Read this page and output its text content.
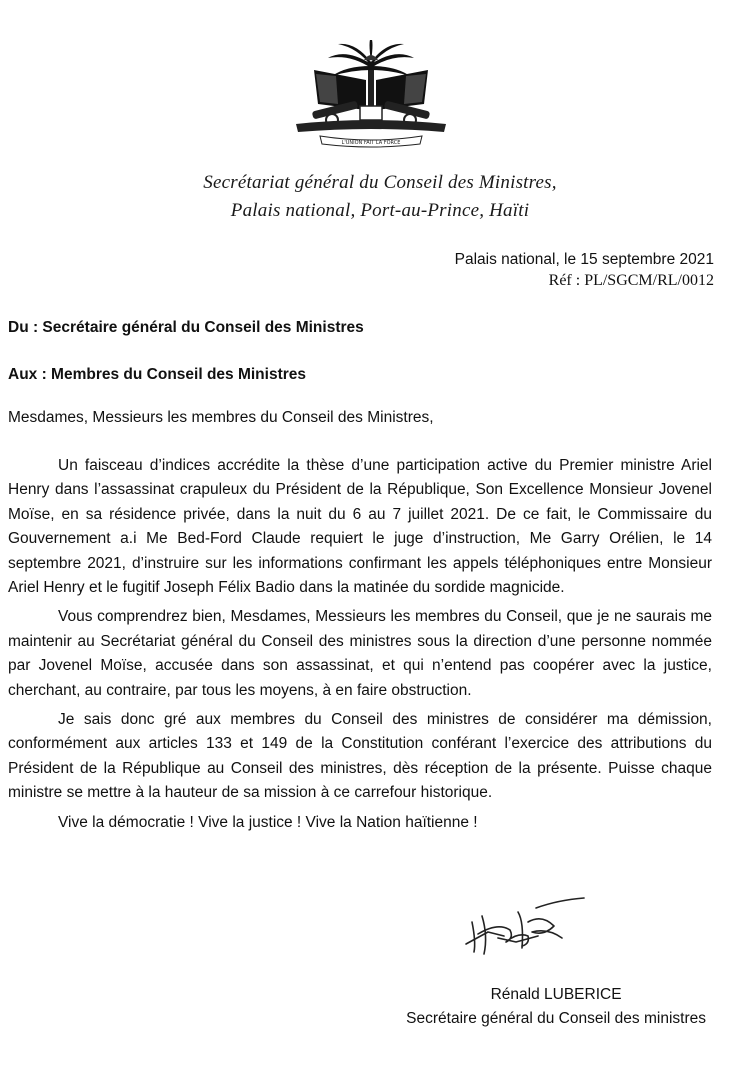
L'UNION FAIT LA FORCE
Secrétariat général du Conseil des Ministres,
Palais national, Port-au-Prince, Haïti
Palais national, le 15 septembre 2021
Réf : PL/SGCM/RL/0012
Du : Secrétaire général du Conseil des Ministres
Aux : Membres du Conseil des Ministres
Mesdames, Messieurs les membres du Conseil des Ministres,

Un faisceau d’indices accrédite la thèse d’une participation active du Premier ministre Ariel Henry dans l’assassinat crapuleux du Président de la République, Son Excellence Monsieur Jovenel Moïse, en sa résidence privée, dans la nuit du 6 au 7 juillet 2021. De ce fait, le Commissaire du Gouvernement a.i Me Bed-Ford Claude requiert le juge d’instruction, Me Garry Orélien, le 14 septembre 2021, d’instruire sur les informations confirmant les appels téléphoniques entre Monsieur Ariel Henry et le fugitif Joseph Félix Badio dans la matinée du sordide magnicide.

Vous comprendrez bien, Mesdames, Messieurs les membres du Conseil, que je ne saurais me maintenir au Secrétariat général du Conseil des ministres sous la direction d’une personne nommée par Jovenel Moïse, accusée dans son assassinat, et qui n’entend pas coopérer avec la justice, cherchant, au contraire, par tous les moyens, à en faire obstruction.

Je sais donc gré aux membres du Conseil des ministres de considérer ma démission, conformément aux articles 133 et 149 de la Constitution conférant l’exercice des attributions du Président de la République au Conseil des ministres, dès réception de la présente. Puisse chaque ministre se mettre à la hauteur de sa mission à ce carrefour historique.

Vive la démocratie ! Vive la justice ! Vive la Nation haïtienne !

Rénald LUBERICE
Secrétaire général du Conseil des ministres
